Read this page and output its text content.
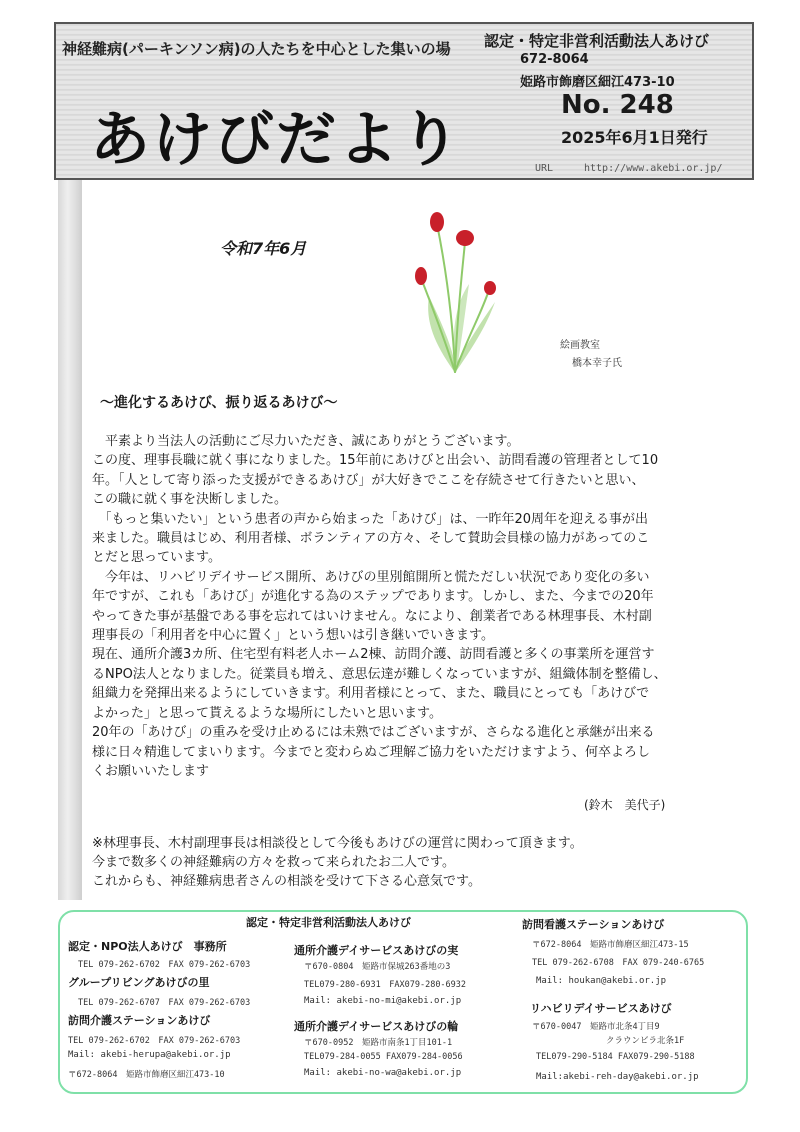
神経難病(パーキンソン病)の人たちを中心とした集いの場 認定・特定非営利活動法人あけび
672-8064
姫路市飾磨区細江473-10
あけびだより	No. 248
2025年6月1日発行
URL	http://www.akebi.or.jp/
令和7年6月
絵画教室
橋本幸子氏
～進化するあけび、振り返るあけび～

　平素より当法人の活動にご尽力いただき、誠にありがとうございます。

この度、理事長職に就く事になりました。15年前にあけびと出会い、訪問看護の管理者として10

年。「人として寄り添った支援ができるあけび」が大好きでここを存続させて行きたいと思い、

この職に就く事を決断しました。

　「もっと集いたい」という患者の声から始まった「あけび」は、一昨年20周年を迎える事が出

来ました。職員はじめ、利用者様、ボランティアの方々、そして賛助会員様の協力があってのこ

とだと思っています。

　今年は、リハビリデイサービス開所、あけびの里別館開所と慌ただしい状況であり変化の多い

年ですが、これも「あけび」が進化する為のステップであります。しかし、また、今までの20年

やってきた事が基盤である事を忘れてはいけません。なにより、創業者である林理事長、木村副

理事長の「利用者を中心に置く」という想いは引き継いでいきます。

現在、通所介護3カ所、住宅型有料老人ホーム2棟、訪問介護、訪問看護と多くの事業所を運営す

るNPO法人となりました。従業員も増え、意思伝達が難しくなっていますが、組織体制を整備し、

組織力を発揮出来るようにしていきます。利用者様にとって、また、職員にとっても「あけびで

よかった」と思って貰えるような場所にしたいと思います。

20年の「あけび」の重みを受け止めるには未熟ではございますが、さらなる進化と承継が出来る

様に日々精進してまいります。今までと変わらぬご理解ご協力をいただけますよう、何卒よろし

くお願いいたします

(鈴木　美代子)

※林理事長、木村副理事長は相談役として今後もあけびの運営に関わって頂きます。

今まで数多くの神経難病の方々を救って来られたお二人です。

これからも、神経難病患者さんの相談を受けて下さる心意気です。

認定・特定非営利活動法人あけび
認定・NPO法人あけび　事務所
TEL 079-262-6702　FAX 079-262-6703
グループリビングあけびの里
TEL 079-262-6707　FAX 079-262-6703
訪問介護ステーションあけび
TEL 079-262-6702　FAX 079-262-6703
Mail: akebi-herupa@akebi.or.jp
〒672-8064　姫路市飾磨区細江473-10
通所介護デイサービスあけびの実
〒670-0804　姫路市保城263番地の3
TEL079-280-6931　FAX079-280-6932
Mail: akebi-no-mi@akebi.or.jp
通所介護デイサービスあけびの輪
〒670-0952　姫路市南条1丁目101-1
TEL079-284-0055 FAX079-284-0056
Mail: akebi-no-wa@akebi.or.jp
訪問看護ステーションあけび
〒672-8064　姫路市飾磨区細江473-15
TEL 079-262-6708　FAX 079-240-6765
Mail: houkan@akebi.or.jp
リハビリデイサービスあけび
〒670-0047　姫路市北条4丁目9
クラウンビラ北条1F
TEL079-290-5184 FAX079-290-5188
Mail:akebi-reh-day@akebi.or.jp
